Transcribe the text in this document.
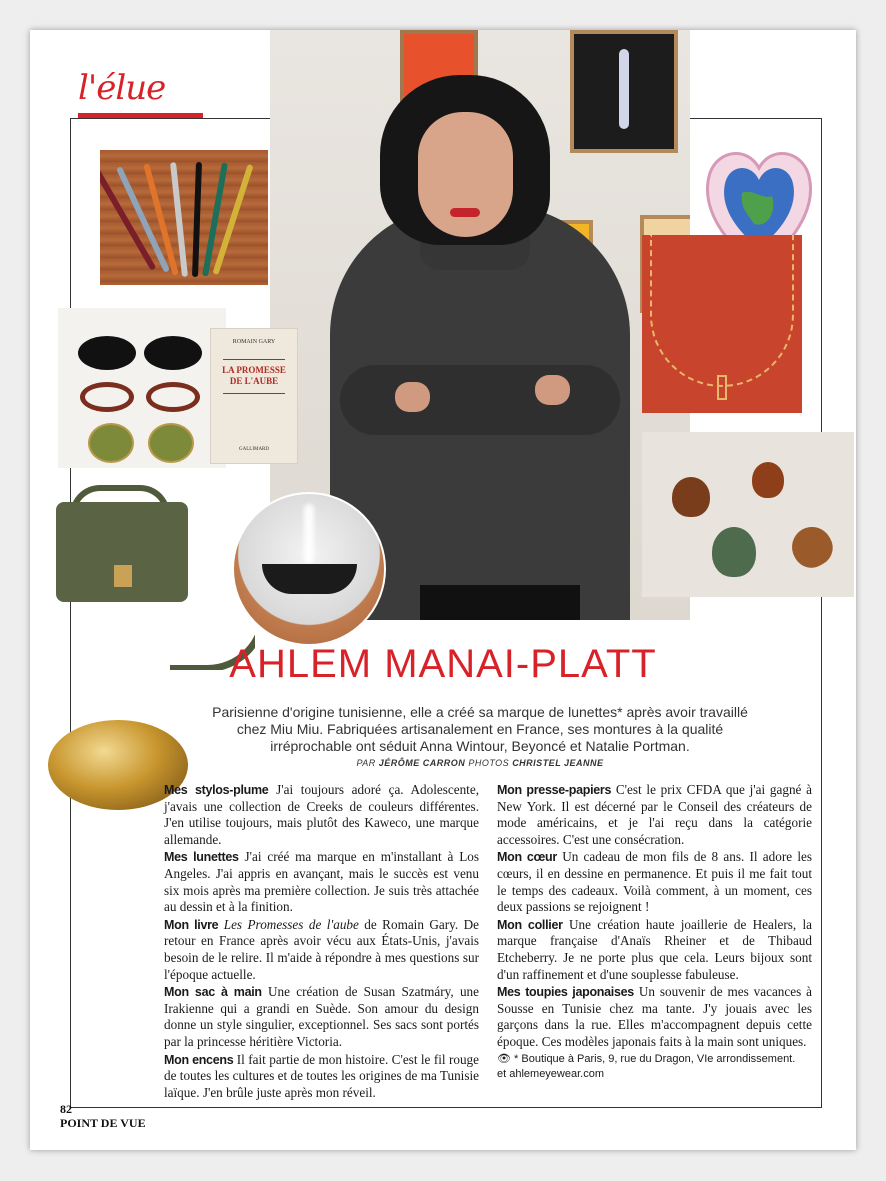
l'élue
ROMAIN GARY
LA PROMESSE
DE L'AUBE
GALLIMARD
AHLEM MANAI-PLATT
Parisienne d'origine tunisienne, elle a créé sa marque de lunettes* après avoir travaillé chez Miu Miu. Fabriquées artisanalement en France, ses montures à la qualité irréprochable ont séduit Anna Wintour, Beyoncé et Natalie Portman.
PAR JÉRÔME CARRON PHOTOS CHRISTEL JEANNE

Mes stylos-plume J'ai toujours adoré ça. Adolescente, j'avais une collection de Creeks de couleurs différentes. J'en utilise toujours, mais plutôt des Kaweco, une marque allemande.

Mes lunettes J'ai créé ma marque en m'installant à Los Angeles. J'ai appris en avançant, mais le succès est venu six mois après ma première collection. Je suis très attachée au dessin et à la finition.

Mon livre Les Promesses de l'aube de Romain Gary. De retour en France après avoir vécu aux États-Unis, j'avais besoin de le relire. Il m'aide à répondre à mes questions sur l'époque actuelle.

Mon sac à main Une création de Susan Szatmáry, une Irakienne qui a grandi en Suède. Son amour du design donne un style singulier, exceptionnel. Ses sacs sont portés par la princesse héritière Victoria.

Mon encens Il fait partie de mon histoire. C'est le fil rouge de toutes les cultures et de toutes les origines de ma Tunisie laïque. J'en brûle juste après mon réveil.

Mon presse-papiers C'est le prix CFDA que j'ai gagné à New York. Il est décerné par le Conseil des créateurs de mode américains, et je l'ai reçu dans la catégorie accessoires. C'est une consécration.

Mon cœur Un cadeau de mon fils de 8 ans. Il adore les cœurs, il en dessine en permanence. Et puis il me fait tout le temps des cadeaux. Voilà comment, à un moment, ces deux passions se rejoignent !

Mon collier Une création haute joaillerie de Healers, la marque française d'Anaïs Rheiner et de Thibaud Etcheberry. Je ne porte plus que cela. Leurs bijoux sont d'un raffinement et d'une souplesse fabuleuse.

Mes toupies japonaises Un souvenir de mes vacances à Sousse en Tunisie chez ma tante. J'y jouais avec les garçons dans la rue. Elles m'accompagnent depuis cette époque. Ces modèles japonais faits à la main sont uniques.

👁 * Boutique à Paris, 9, rue du Dragon, VIe arrondissement.
et ahlemeyewear.com
82
POINT DE VUE
